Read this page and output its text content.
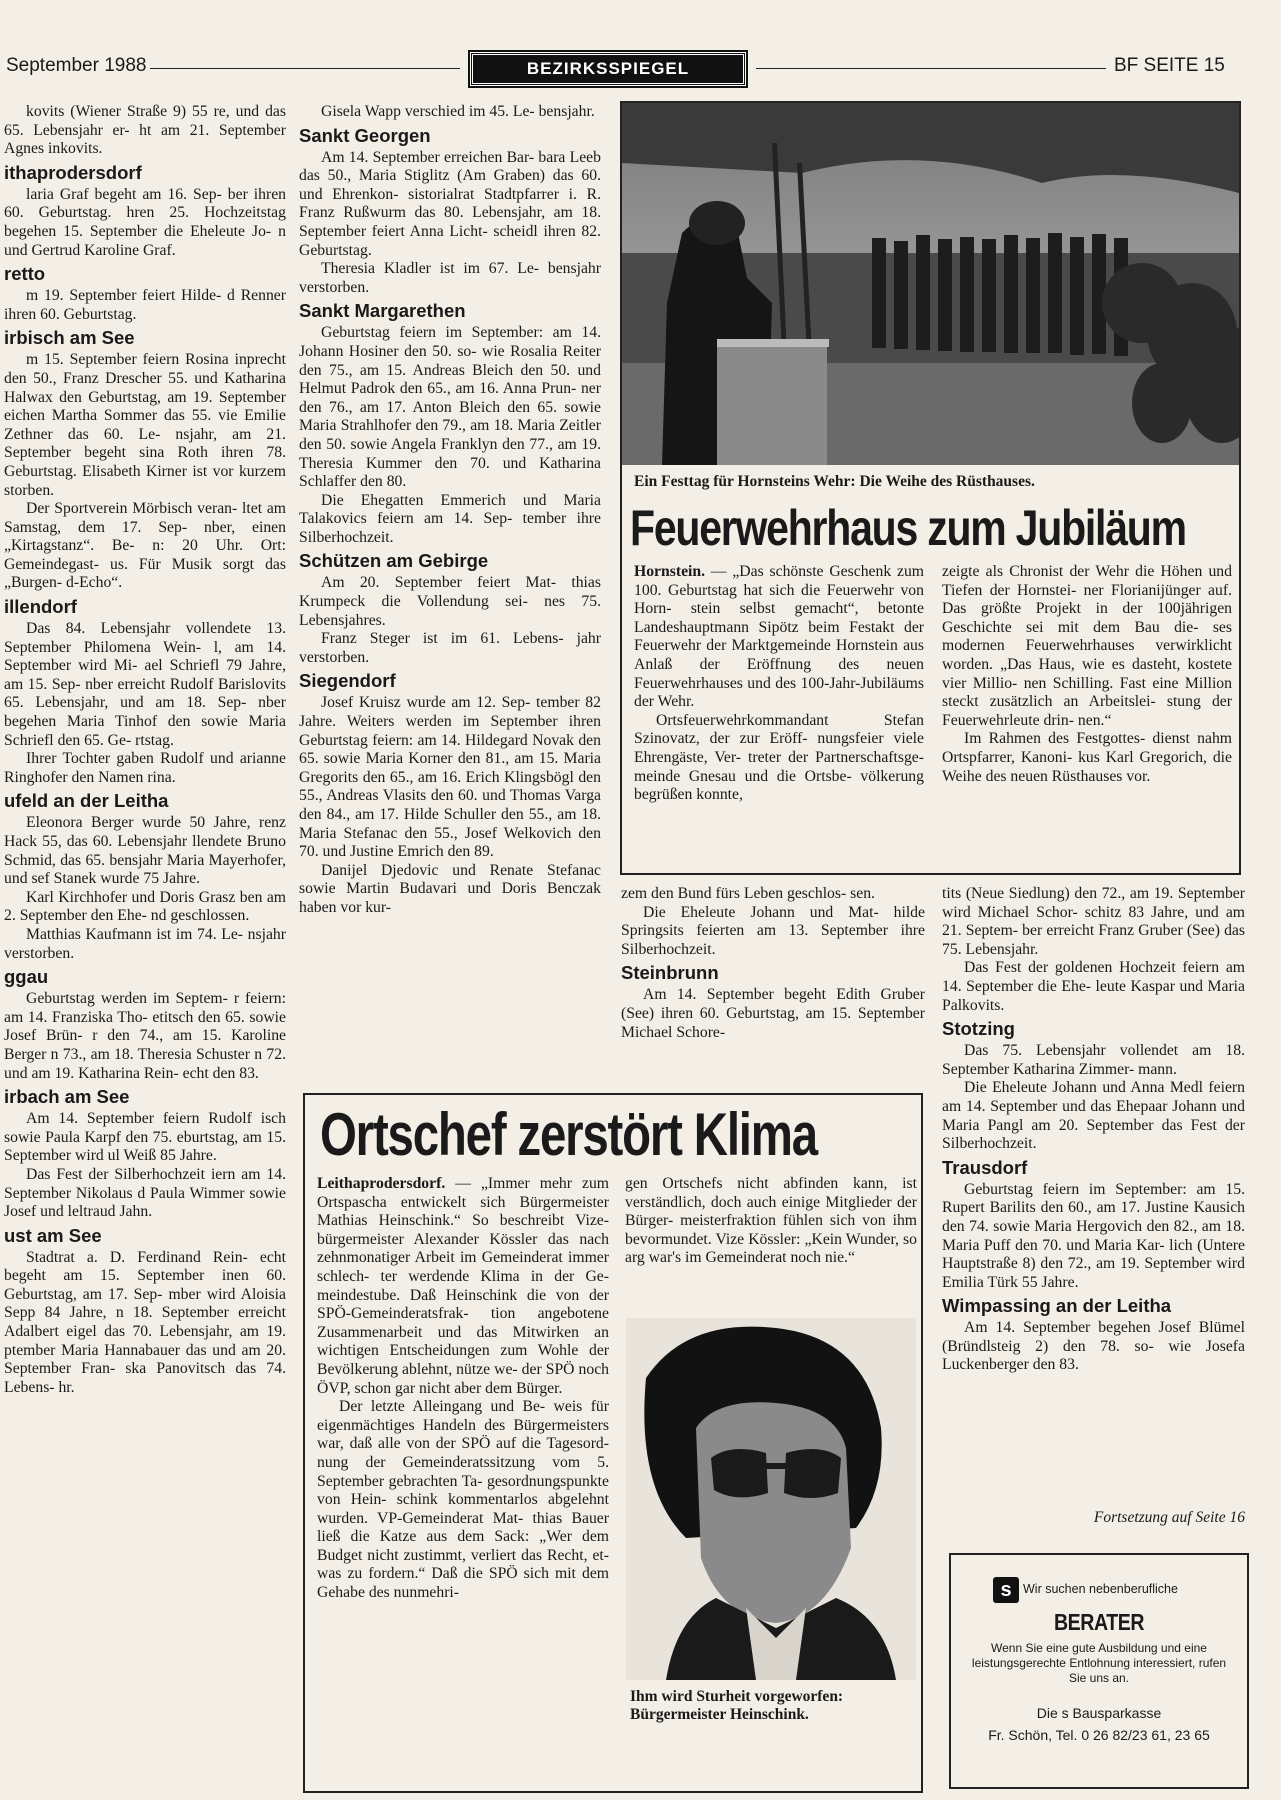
September 1988	BEZIRKSSPIEGEL	BF SEITE 15

kovits (Wiener Straße 9) 55 re, und das 65. Lebensjahr er- ht am 21. September Agnes inkovits.

ithaprodersdorf

laria Graf begeht am 16. Sep- ber ihren 60. Geburtstag. hren 25. Hochzeitstag begehen 15. September die Eheleute Jo- n und Gertrud Karoline Graf.

retto

m 19. September feiert Hilde- d Renner ihren 60. Geburtstag.

irbisch am See

m 15. September feiern Rosina inprecht den 50., Franz Drescher 55. und Katharina Halwax den Geburtstag, am 19. September eichen Martha Sommer das 55. vie Emilie Zethner das 60. Le- nsjahr, am 21. September begeht sina Roth ihren 78. Geburtstag. Elisabeth Kirner ist vor kurzem storben.

Der Sportverein Mörbisch veran- ltet am Samstag, dem 17. Sep- nber, einen „Kirtagstanz“. Be- n: 20 Uhr. Ort: Gemeindegast- us. Für Musik sorgt das „Burgen- d-Echo“.

illendorf

Das 84. Lebensjahr vollendete 13. September Philomena Wein- l, am 14. September wird Mi- ael Schriefl 79 Jahre, am 15. Sep- nber erreicht Rudolf Barislovits 65. Lebensjahr, und am 18. Sep- nber begehen Maria Tinhof den sowie Maria Schriefl den 65. Ge- rtstag.

Ihrer Tochter gaben Rudolf und arianne Ringhofer den Namen rina.

ufeld an der Leitha

Eleonora Berger wurde 50 Jahre, renz Hack 55, das 60. Lebensjahr llendete Bruno Schmid, das 65. bensjahr Maria Mayerhofer, und sef Stanek wurde 75 Jahre.

Karl Kirchhofer und Doris Grasz ben am 2. September den Ehe- nd geschlossen.

Matthias Kaufmann ist im 74. Le- nsjahr verstorben.

ggau

Geburtstag werden im Septem- r feiern: am 14. Franziska Tho- etitsch den 65. sowie Josef Brün- r den 74., am 15. Karoline Berger n 73., am 18. Theresia Schuster n 72. und am 19. Katharina Rein- echt den 83.

irbach am See

Am 14. September feiern Rudolf isch sowie Paula Karpf den 75. eburtstag, am 15. September wird ul Weiß 85 Jahre.

Das Fest der Silberhochzeit iern am 14. September Nikolaus d Paula Wimmer sowie Josef und leltraud Jahn.

ust am See

Stadtrat a. D. Ferdinand Rein- echt begeht am 15. September inen 60. Geburtstag, am 17. Sep- mber wird Aloisia Sepp 84 Jahre, n 18. September erreicht Adalbert eigel das 70. Lebensjahr, am 19. ptember Maria Hannabauer das und am 20. September Fran- ska Panovitsch das 74. Lebens- hr.

Gisela Wapp verschied im 45. Le- bensjahr.

Sankt Georgen

Am 14. September erreichen Bar- bara Leeb das 50., Maria Stiglitz (Am Graben) das 60. und Ehrenkon- sistorialrat Stadtpfarrer i. R. Franz Rußwurm das 80. Lebensjahr, am 18. September feiert Anna Licht- scheidl ihren 82. Geburtstag.

Theresia Kladler ist im 67. Le- bensjahr verstorben.

Sankt Margarethen

Geburtstag feiern im September: am 14. Johann Hosiner den 50. so- wie Rosalia Reiter den 75., am 15. Andreas Bleich den 50. und Helmut Padrok den 65., am 16. Anna Prun- ner den 76., am 17. Anton Bleich den 65. sowie Maria Strahlhofer den 79., am 18. Maria Zeitler den 50. sowie Angela Franklyn den 77., am 19. Theresia Kummer den 70. und Katharina Schlaffer den 80.

Die Ehegatten Emmerich und Maria Talakovics feiern am 14. Sep- tember ihre Silberhochzeit.

Schützen am Gebirge

Am 20. September feiert Mat- thias Krumpeck die Vollendung sei- nes 75. Lebensjahres.

Franz Steger ist im 61. Lebens- jahr verstorben.

Siegendorf

Josef Kruisz wurde am 12. Sep- tember 82 Jahre. Weiters werden im September ihren Geburtstag feiern: am 14. Hildegard Novak den 65. sowie Maria Korner den 81., am 15. Maria Gregorits den 65., am 16. Erich Klingsbögl den 55., Andreas Vlasits den 60. und Thomas Varga den 84., am 17. Hilde Schuller den 55., am 18. Maria Stefanac den 55., Josef Welkovich den 70. und Justine Emrich den 89.

Danijel Djedovic und Renate Stefanac sowie Martin Budavari und Doris Benczak haben vor kur-

Ein Festtag für Hornsteins Wehr: Die Weihe des Rüsthauses.
Feuerwehrhaus zum Jubiläum

Hornstein. — „Das schönste Geschenk zum 100. Geburtstag hat sich die Feuerwehr von Horn- stein selbst gemacht“, betonte Landeshauptmann Sipötz beim Festakt der Feuerwehr der Marktgemeinde Hornstein aus Anlaß der Eröffnung des neuen Feuerwehrhauses und des 100-Jahr-Jubiläums der Wehr.

Ortsfeuerwehrkommandant Stefan Szinovatz, der zur Eröff- nungsfeier viele Ehrengäste, Ver- treter der Partnerschaftsge- meinde Gnesau und die Ortsbe- völkerung begrüßen konnte,

zeigte als Chronist der Wehr die Höhen und Tiefen der Hornstei- ner Florianijünger auf. Das größte Projekt in der 100jährigen Geschichte sei mit dem Bau die- ses modernen Feuerwehrhauses verwirklicht worden. „Das Haus, wie es dasteht, kostete vier Millio- nen Schilling. Fast eine Million steckt zusätzlich an Arbeitslei- stung der Feuerwehrleute drin- nen.“

Im Rahmen des Festgottes- dienst nahm Ortspfarrer, Kanoni- kus Karl Gregorich, die Weihe des neuen Rüsthauses vor.

zem den Bund fürs Leben geschlos- sen.

Die Eheleute Johann und Mat- hilde Springsits feierten am 13. September ihre Silberhochzeit.

Steinbrunn

Am 14. September begeht Edith Gruber (See) ihren 60. Geburtstag, am 15. September Michael Schore-

tits (Neue Siedlung) den 72., am 19. September wird Michael Schor- schitz 83 Jahre, und am 21. Septem- ber erreicht Franz Gruber (See) das 75. Lebensjahr.

Das Fest der goldenen Hochzeit feiern am 14. September die Ehe- leute Kaspar und Maria Palkovits.

Stotzing

Das 75. Lebensjahr vollendet am 18. September Katharina Zimmer- mann.

Die Eheleute Johann und Anna Medl feiern am 14. September und das Ehepaar Johann und Maria Pangl am 20. September das Fest der Silberhochzeit.

Trausdorf

Geburtstag feiern im September: am 15. Rupert Barilits den 60., am 17. Justine Kausich den 74. sowie Maria Hergovich den 82., am 18. Maria Puff den 70. und Maria Kar- lich (Untere Hauptstraße 8) den 72., am 19. September wird Emilia Türk 55 Jahre.

Wimpassing an der Leitha

Am 14. September begehen Josef Blümel (Bründlsteig 2) den 78. so- wie Josefa Luckenberger den 83.

Fortsetzung auf Seite 16
Ortschef zerstört Klima

Leithaprodersdorf. — „Immer mehr zum Ortspascha entwickelt sich Bürgermeister Mathias Heinschink.“ So beschreibt Vize- bürgermeister Alexander Kössler das nach zehnmonatiger Arbeit im Gemeinderat immer schlech- ter werdende Klima in der Ge- meindestube. Daß Heinschink die von der SPÖ-Gemeinderatsfrak- tion angebotene Zusammenarbeit und das Mitwirken an wichtigen Entscheidungen zum Wohle der Bevölkerung ablehnt, nütze we- der SPÖ noch ÖVP, schon gar nicht aber dem Bürger.

Der letzte Alleingang und Be- weis für eigenmächtiges Handeln des Bürgermeisters war, daß alle von der SPÖ auf die Tagesord- nung der Gemeinderatssitzung vom 5. September gebrachten Ta- gesordnungspunkte von Hein- schink kommentarlos abgelehnt wurden. VP-Gemeinderat Mat- thias Bauer ließ die Katze aus dem Sack: „Wer dem Budget nicht zustimmt, verliert das Recht, et- was zu fordern.“ Daß die SPÖ sich mit dem Gehabe des nunmehri-

gen Ortschefs nicht abfinden kann, ist verständlich, doch auch einige Mitglieder der Bürger- meisterfraktion fühlen sich von ihm bevormundet. Vize Kössler: „Kein Wunder, so arg war's im Gemeinderat noch nie.“

Ihm wird Sturheit vorgeworfen: Bürgermeister Heinschink.
s Wir suchen nebenberufliche
BERATER
Wenn Sie eine gute Ausbildung und eine leistungsgerechte Entlohnung interessiert, rufen Sie uns an.
Die s Bausparkasse
Fr. Schön, Tel. 0 26 82/23 61, 23 65
